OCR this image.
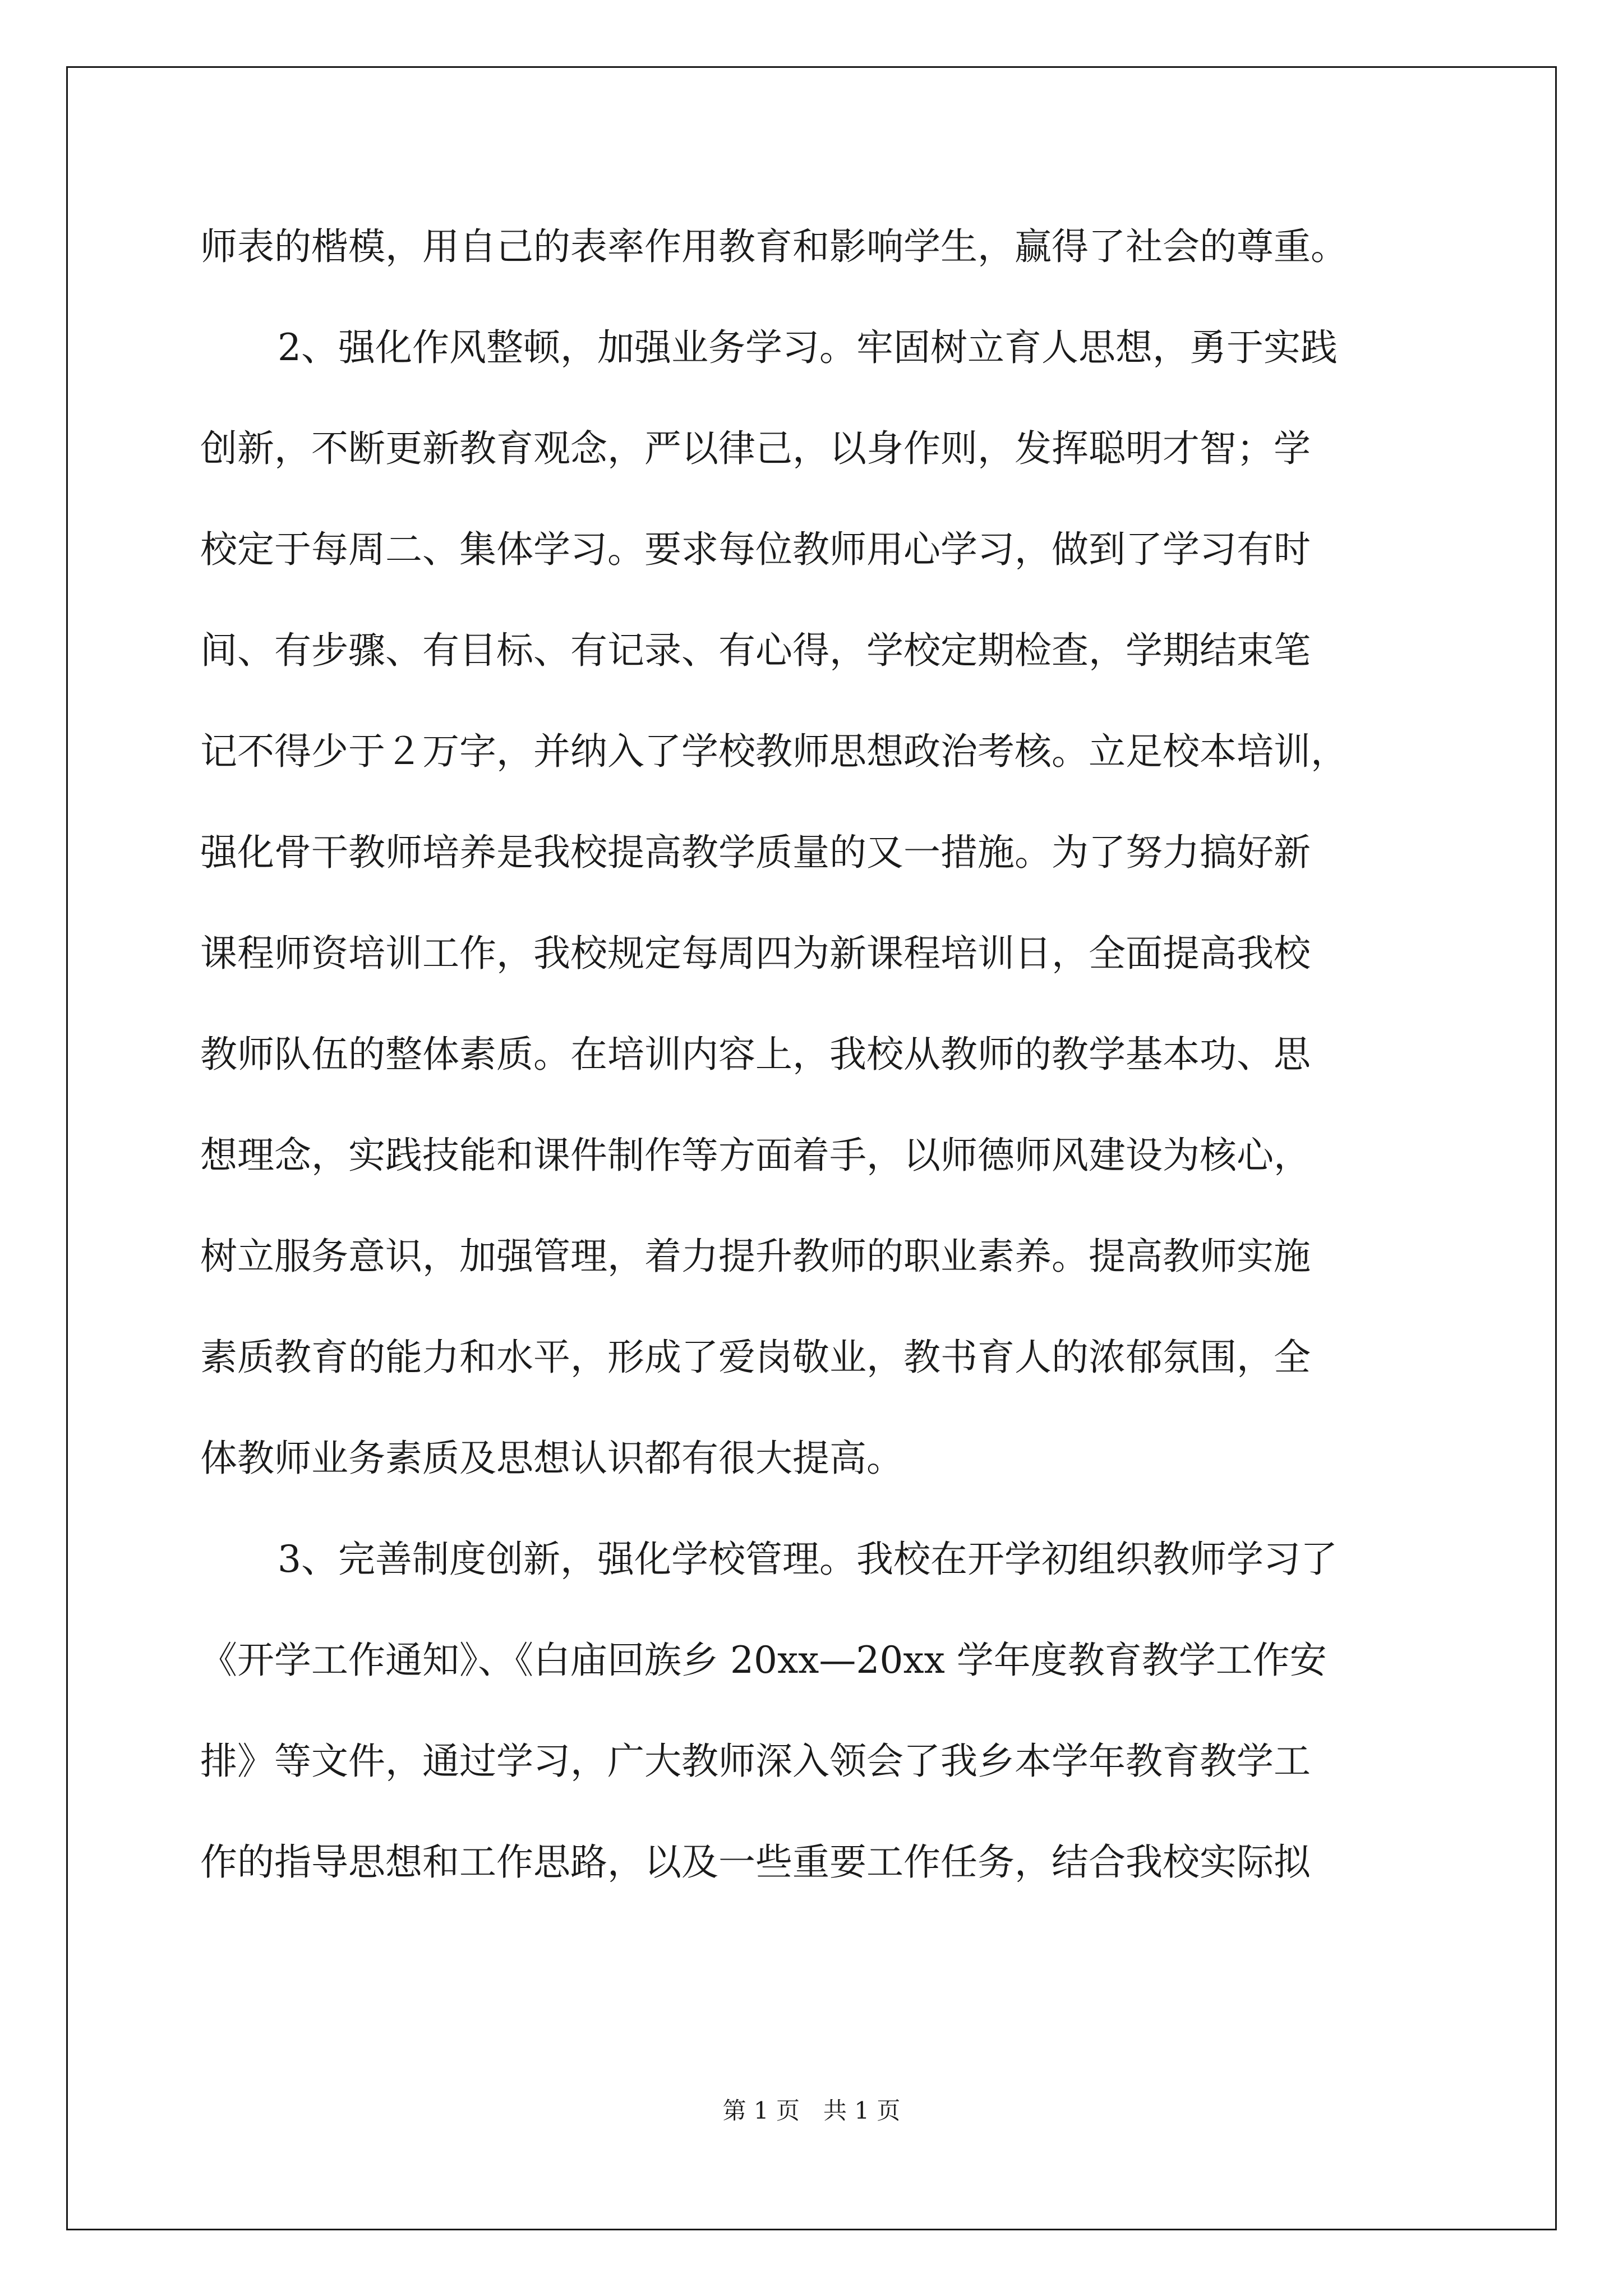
师表的楷模，用自己的表率作用教育和影响学生，赢得了社会的尊重。
2、强化作风整顿，加强业务学习。牢固树立育人思想，勇于实践
创新，不断更新教育观念，严以律己，以身作则，发挥聪明才智；学
校定于每周二、集体学习。要求每位教师用心学习，做到了学习有时
间、有步骤、有目标、有记录、有心得，学校定期检查，学期结束笔
记不得少于２万字，并纳入了学校教师思想政治考核。立足校本培训，
强化骨干教师培养是我校提高教学质量的又一措施。为了努力搞好新
课程师资培训工作，我校规定每周四为新课程培训日，全面提高我校
教师队伍的整体素质。在培训内容上，我校从教师的教学基本功、思
想理念，实践技能和课件制作等方面着手，以师德师风建设为核心，
树立服务意识，加强管理，着力提升教师的职业素养。提高教师实施
素质教育的能力和水平，形成了爱岗敬业，教书育人的浓郁氛围，全
体教师业务素质及思想认识都有很大提高。
3、完善制度创新，强化学校管理。我校在开学初组织教师学习了
《开学工作通知》、《白庙回族乡 20xx—20xx 学年度教育教学工作安
排》等文件，通过学习，广大教师深入领会了我乡本学年教育教学工
作的指导思想和工作思路，以及一些重要工作任务，结合我校实际拟
第 1 页　共 1 页
